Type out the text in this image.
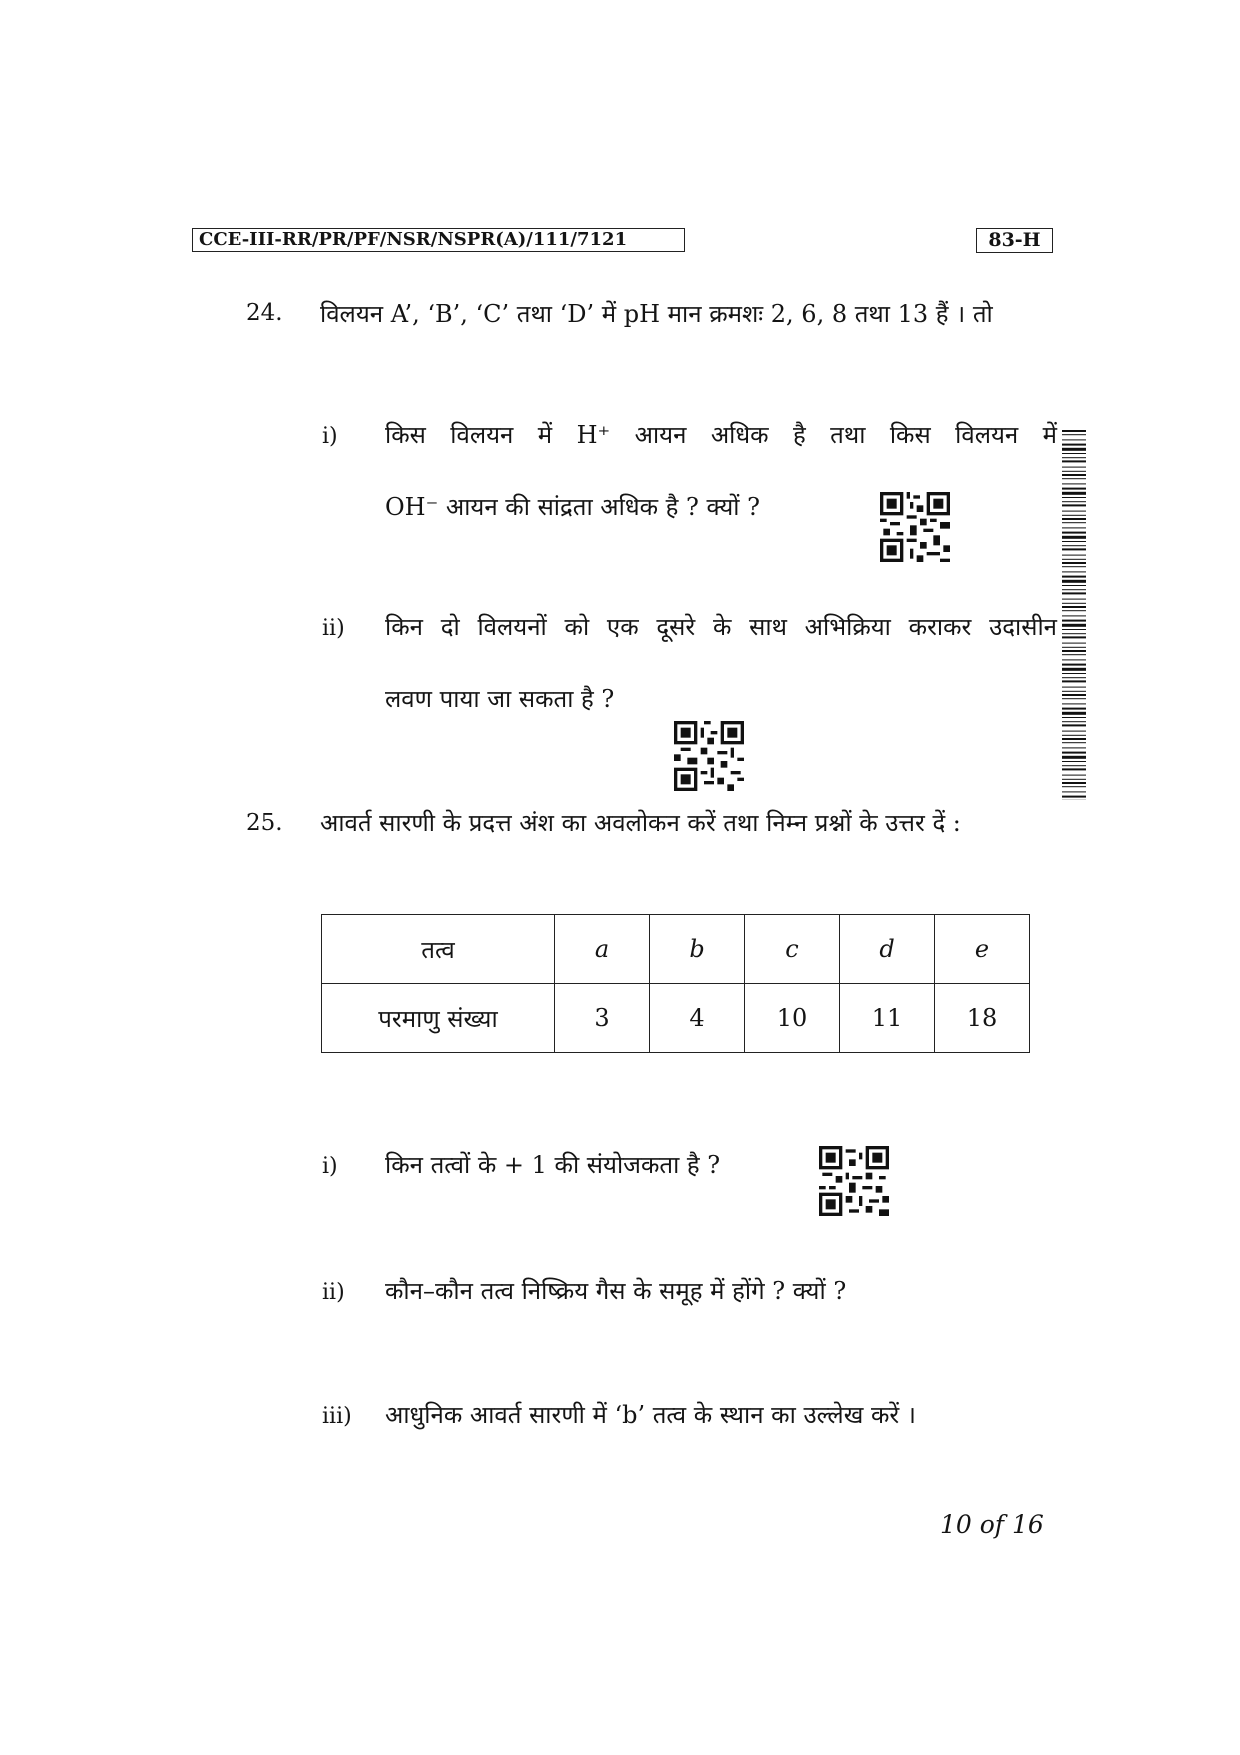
CCE-III-RR/PR/PF/NSR/NSPR(A)/111/7121	83-H
24. विलयन A’, ‘B’, ‘C’ तथा ‘D’ में pH मान क्रमशः 2, 6, 8 तथा 13 हैं । तो
i) किस विलयन में H⁺ आयन अधिक है तथा किस विलयन में
OH⁻ आयन की सांद्रता अधिक है ? क्यों ?
ii) किन दो विलयनों को एक दूसरे के साथ अभिक्रिया कराकर उदासीन
लवण पाया जा सकता है ?
25. आवर्त सारणी के प्रदत्त अंश का अवलोकन करें तथा निम्न प्रश्नों के उत्तर दें :
तत्व	a	b	c	d	e
परमाणु संख्या	3	4	10	11	18
i) किन तत्वों के + 1 की संयोजकता है ?
ii) कौन–कौन तत्व निष्क्रिय गैस के समूह में होंगे ? क्यों ?
iii) आधुनिक आवर्त सारणी में ‘b’ तत्व के स्थान का उल्लेख करें ।
10 of 16
